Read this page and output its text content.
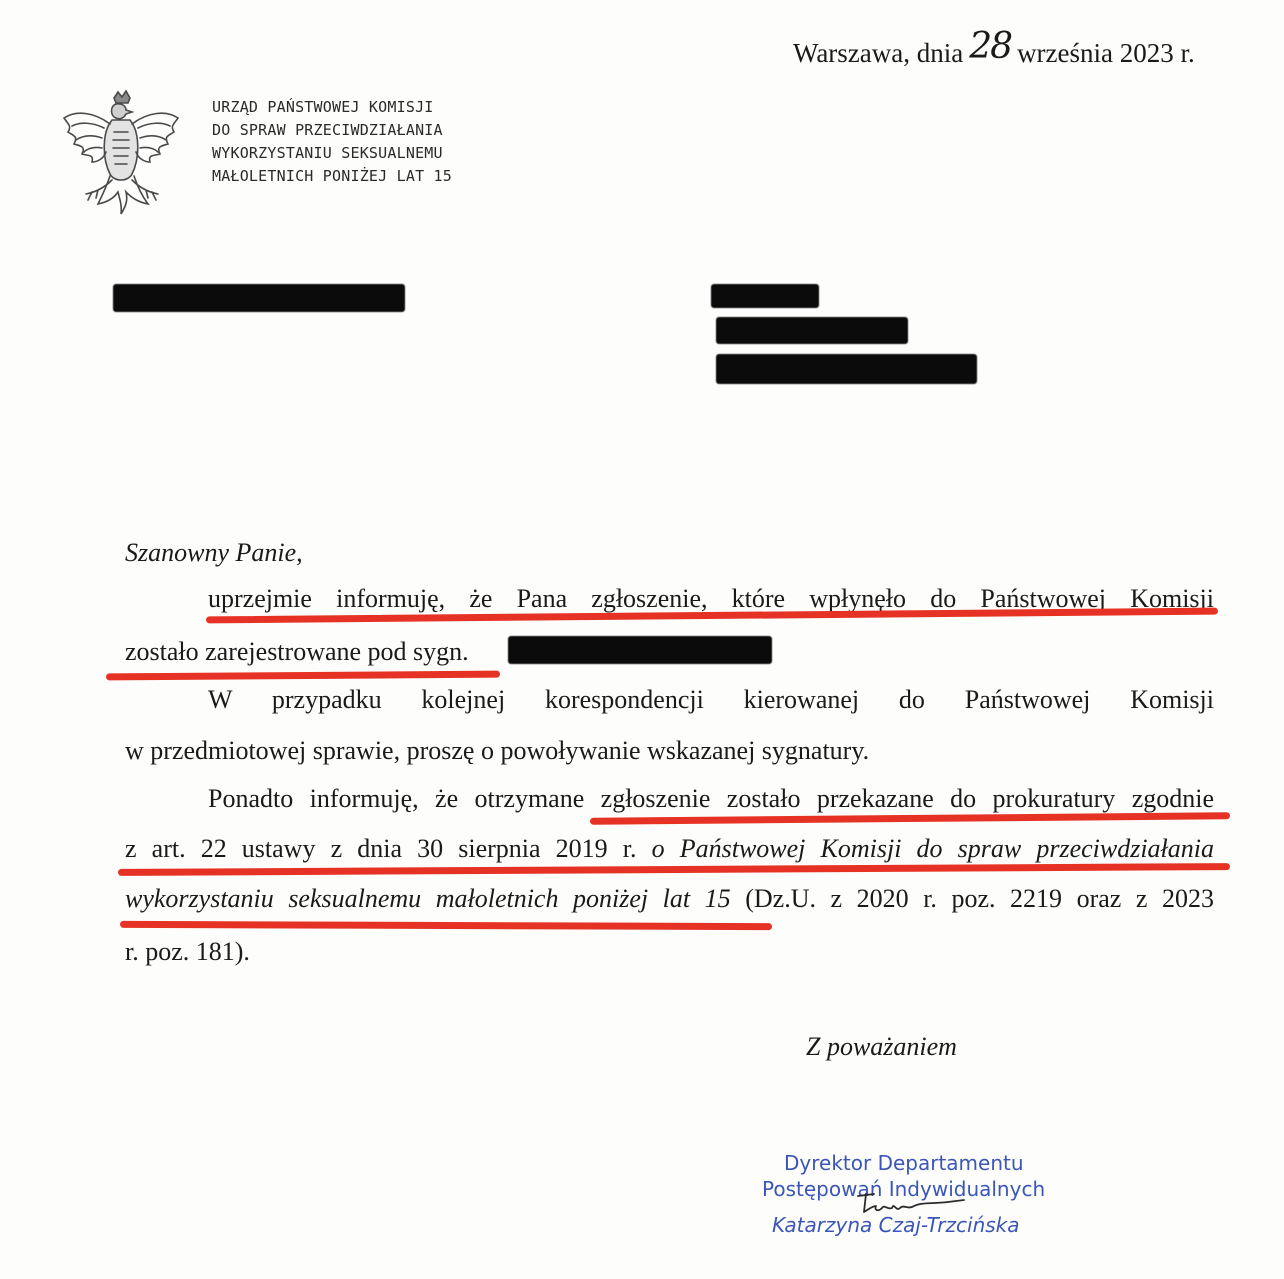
Warszawa, dnia 28 września 2023 r.
URZĄD PAŃSTWOWEJ KOMISJI
DO SPRAW PRZECIWDZIAŁANIA
WYKORZYSTANIU SEKSUALNEMU
MAŁOLETNICH PONIŻEJ LAT 15
Szanowny Panie,
uprzejmie informuję, że Pana zgłoszenie, które wpłynęło do Państwowej Komisji
zostało zarejestrowane pod sygn.
W przypadku kolejnej korespondencji kierowanej do Państwowej Komisji
w przedmiotowej sprawie, proszę o powoływanie wskazanej sygnatury.
Ponadto informuję, że otrzymane zgłoszenie zostało przekazane do prokuratury zgodnie
z art. 22 ustawy z dnia 30 sierpnia 2019 r. o Państwowej Komisji do spraw przeciwdziałania
wykorzystaniu seksualnemu małoletnich poniżej lat 15 (Dz.U. z 2020 r. poz. 2219 oraz z 2023
r. poz. 181).
Z poważaniem
Dyrektor Departamentu
Postępowań Indywidualnych
Katarzyna Czaj-Trzcińska
